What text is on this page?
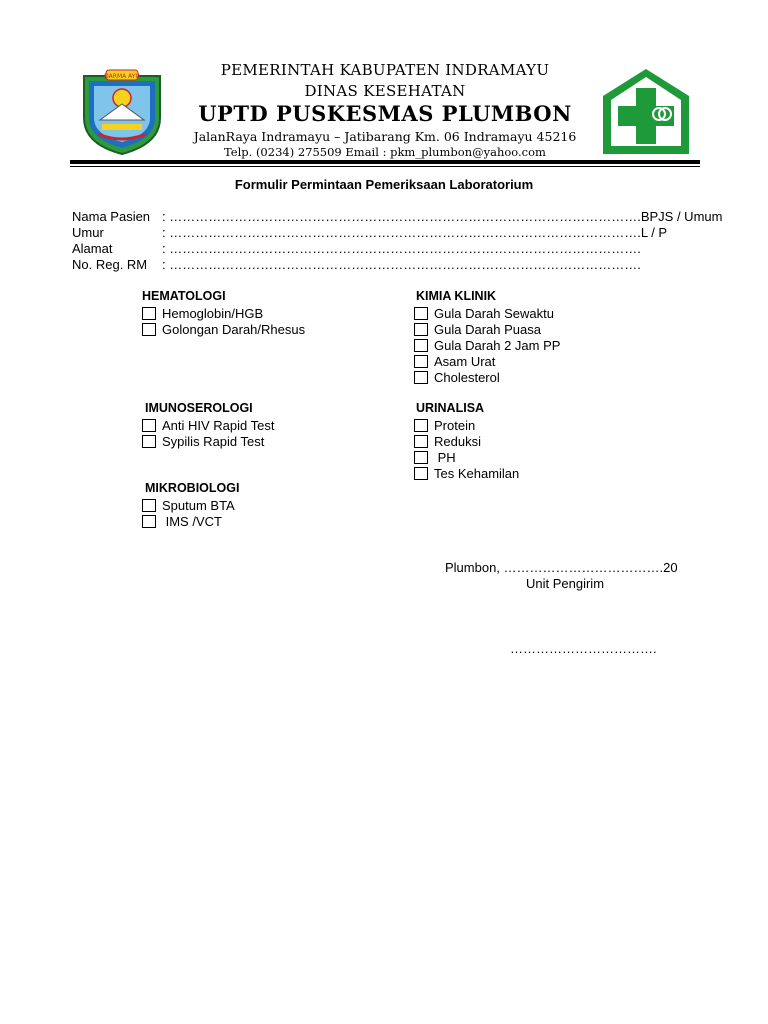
DARMA AYU	PEMERINTAH KABUPATEN INDRAMAYU
DINAS KESEHATAN
UPTD PUSKESMAS PLUMBON
JalanRaya Indramayu – Jatibarang Km. 06 Indramayu 45216
Telp. (0234) 275509 Email : pkm_plumbon@yahoo.com
Formulir Permintaan Pemeriksaan Laboratorium
Nama Pasien : ……………………………………………………………………………………………….BPJS / Umum
Umur	: ……………………………………………………………………………………………….L / P
Alamat	: ……………………………………………………………………………………………….
No. Reg. RM : ……………………………………………………………………………………………….
HEMATOLOGI
Hemoglobin/HGB
Golongan Darah/Rhesus
KIMIA KLINIK
Gula Darah Sewaktu
Gula Darah Puasa
Gula Darah 2 Jam PP
Asam Urat
Cholesterol
IMUNOSEROLOGI
Anti HIV Rapid Test
Sypilis Rapid Test
URINALISA
Protein
Reduksi
PH
Tes Kehamilan
MIKROBIOLOGI
Sputum BTA
IMS /VCT
Plumbon, ……………………………….20
Unit Pengirim
…………………………….
